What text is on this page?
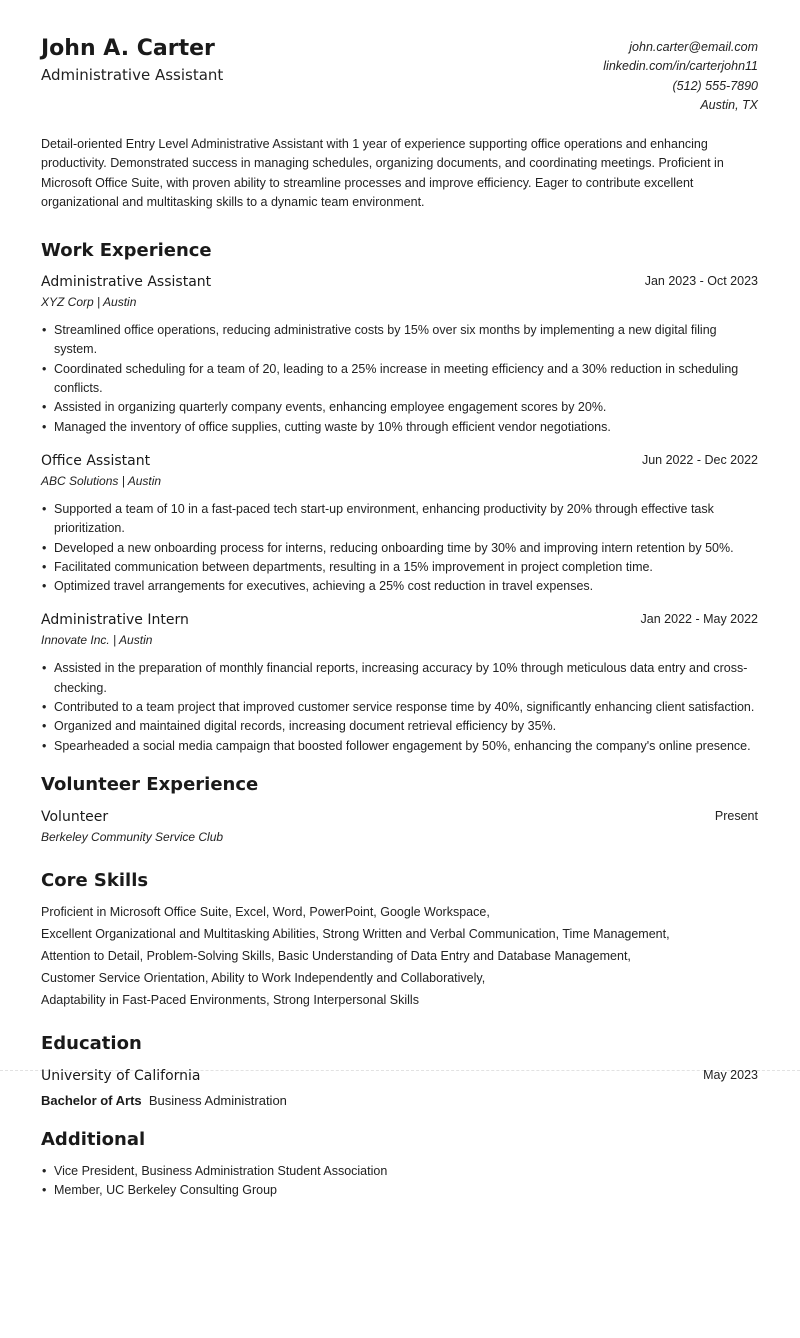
John A. Carter
Administrative Assistant
john.carter@email.com
linkedin.com/in/carterjohn11
(512) 555-7890
Austin, TX
Detail-oriented Entry Level Administrative Assistant with 1 year of experience supporting office operations and enhancing productivity. Demonstrated success in managing schedules, organizing documents, and coordinating meetings. Proficient in Microsoft Office Suite, with proven ability to streamline processes and improve efficiency. Eager to contribute excellent organizational and multitasking skills to a dynamic team environment.
Work Experience
Administrative Assistant	Jan 2023 - Oct 2023
XYZ Corp | Austin
• Streamlined office operations, reducing administrative costs by 15% over six months by implementing a new digital filing system.
• Coordinated scheduling for a team of 20, leading to a 25% increase in meeting efficiency and a 30% reduction in scheduling conflicts.
• Assisted in organizing quarterly company events, enhancing employee engagement scores by 20%.
• Managed the inventory of office supplies, cutting waste by 10% through efficient vendor negotiations.
Office Assistant	Jun 2022 - Dec 2022
ABC Solutions | Austin
• Supported a team of 10 in a fast-paced tech start-up environment, enhancing productivity by 20% through effective task prioritization.
• Developed a new onboarding process for interns, reducing onboarding time by 30% and improving intern retention by 50%.
• Facilitated communication between departments, resulting in a 15% improvement in project completion time.
• Optimized travel arrangements for executives, achieving a 25% cost reduction in travel expenses.
Administrative Intern	Jan 2022 - May 2022
Innovate Inc. | Austin
• Assisted in the preparation of monthly financial reports, increasing accuracy by 10% through meticulous data entry and cross-checking.
• Contributed to a team project that improved customer service response time by 40%, significantly enhancing client satisfaction.
• Organized and maintained digital records, increasing document retrieval efficiency by 35%.
• Spearheaded a social media campaign that boosted follower engagement by 50%, enhancing the company's online presence.
Volunteer Experience
Volunteer	Present
Berkeley Community Service Club
Core Skills
Proficient in Microsoft Office Suite, Excel, Word, PowerPoint, Google Workspace,
Excellent Organizational and Multitasking Abilities, Strong Written and Verbal Communication, Time Management,
Attention to Detail, Problem-Solving Skills, Basic Understanding of Data Entry and Database Management,
Customer Service Orientation, Ability to Work Independently and Collaboratively,
Adaptability in Fast-Paced Environments, Strong Interpersonal Skills
Education
University of California	May 2023
Bachelor of Arts Business Administration
Additional
• Vice President, Business Administration Student Association
• Member, UC Berkeley Consulting Group
